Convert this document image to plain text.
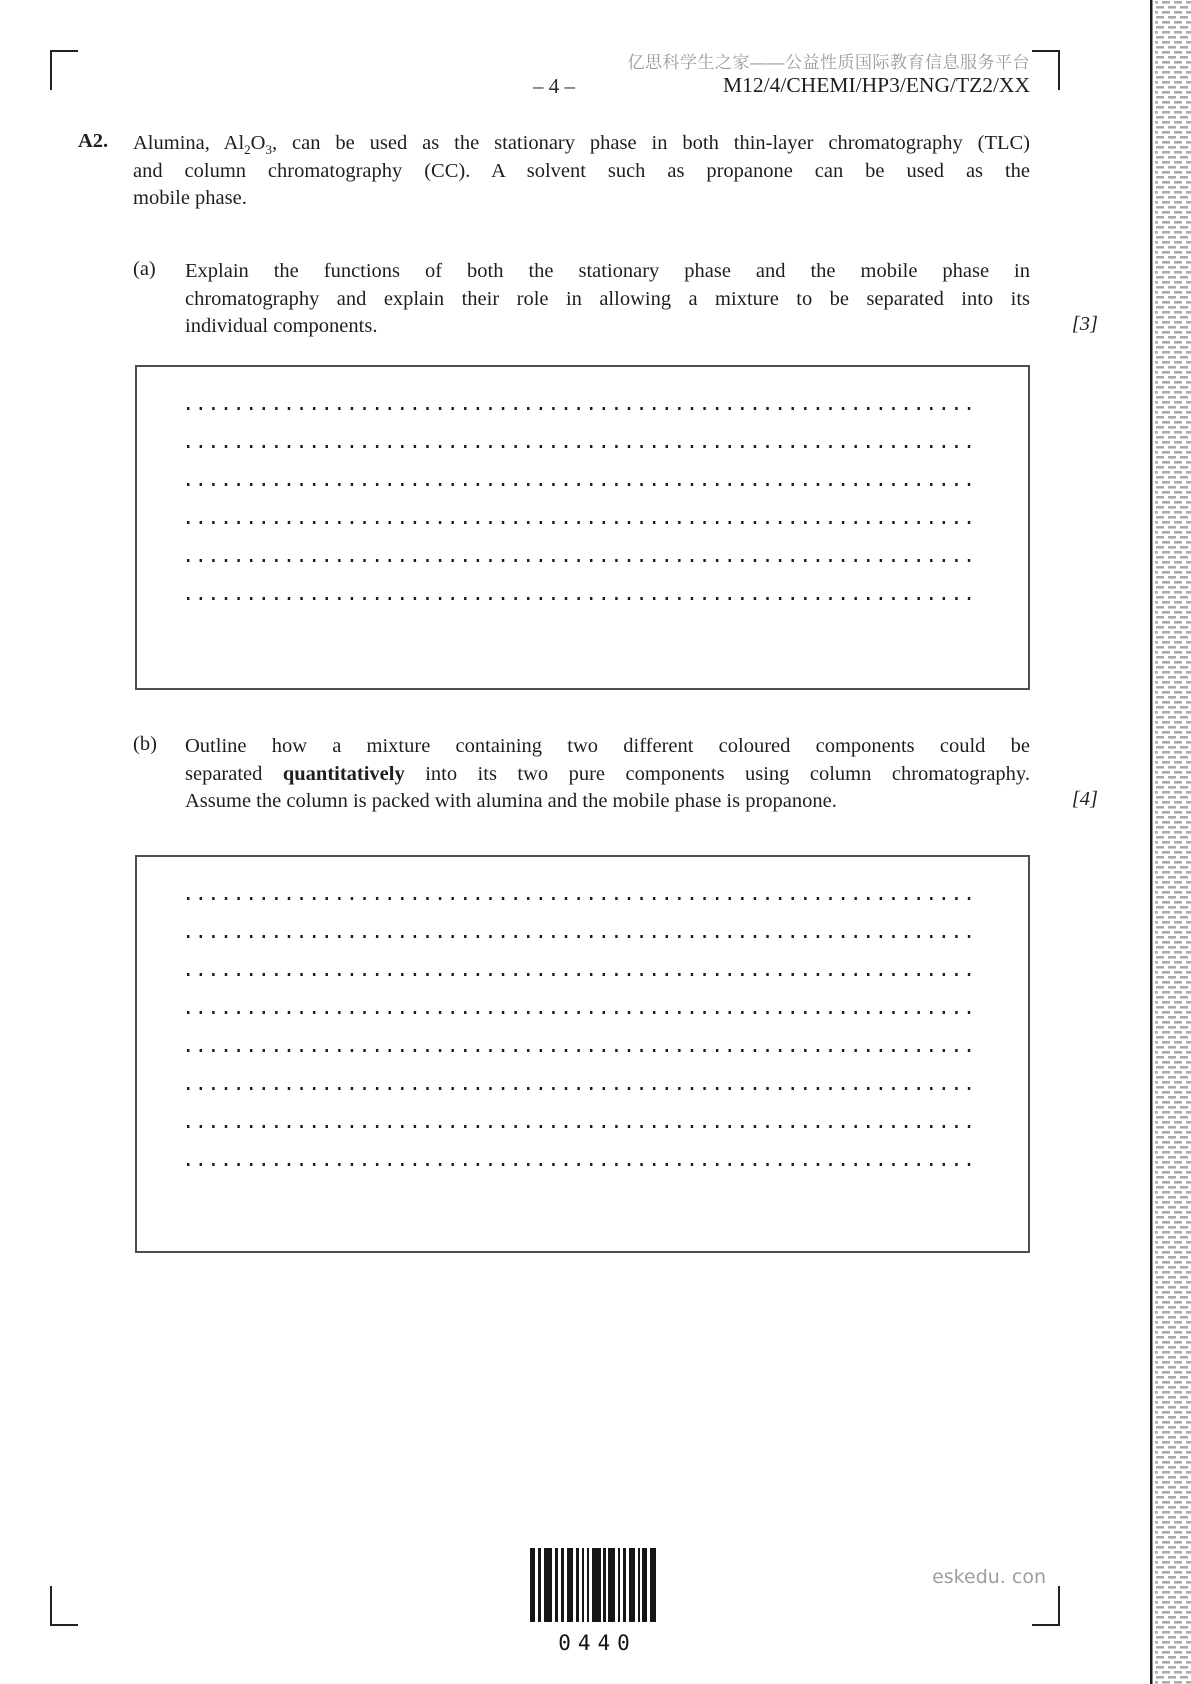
亿思科学生之家——公益性质国际教育信息服务平台
– 4 –	M12/4/CHEMI/HP3/ENG/TZ2/XX
A2. Alumina, $Al_2O_3$, can be used as the stationary phase in both thin-layer chromatography (TLC)
and column chromatography (CC). A solvent such as propanone can be used as the
mobile phase.
(a) Explain the functions of both the stationary phase and the mobile phase in
chromatography and explain their role in allowing a mixture to be separated into its
individual components.	[3]
(b) Outline how a mixture containing two different coloured components could be
separated quantitatively into its two pure components using column chromatography.
Assume the column is packed with alumina and the mobile phase is propanone.	[4]
0440
eskedu. con
